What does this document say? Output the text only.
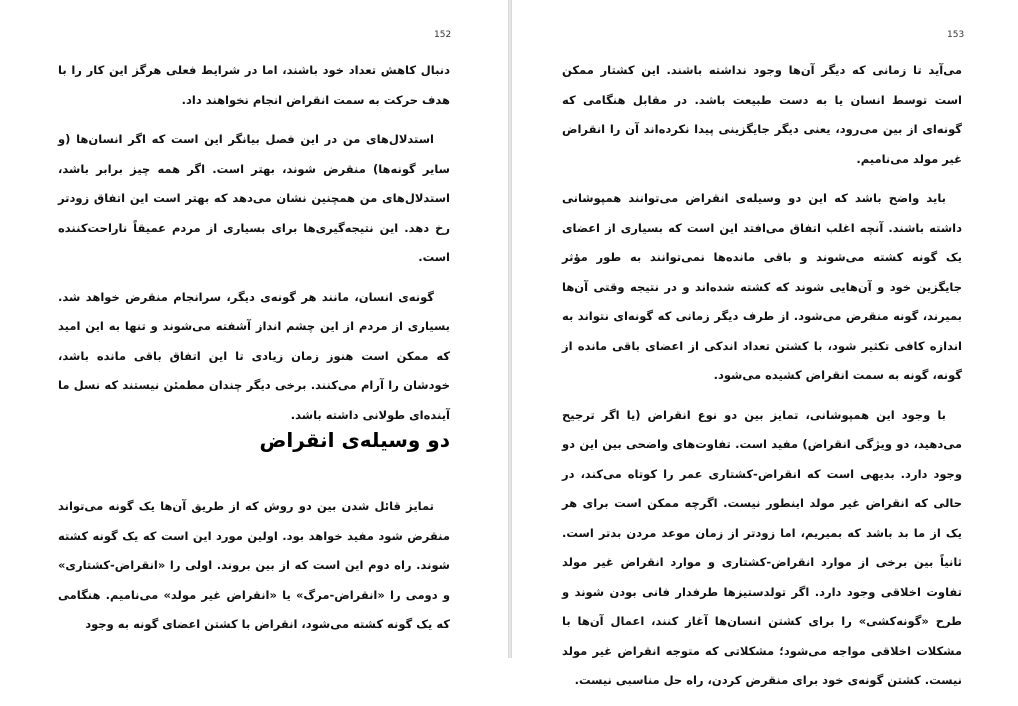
152

دنبال کاهش تعداد خود باشند، اما در شرایط فعلی هرگز این کار را با هدف حرکت به سمت انقراض انجام نخواهند داد.

استدلال‌های من در این فصل بیانگر این است که اگر انسان‌ها (و سایر گونه‌ها) منقرض شوند، بهتر است. اگر همه چیز برابر باشد، استدلال‌های من همچنین نشان می‌دهد که بهتر است این اتفاق زودتر رخ دهد. این نتیجه‌گیری‌ها برای بسیاری از مردم عمیقاً ناراحت‌کننده است.

گونه‌ی انسان، مانند هر گونه‌ی دیگر، سرانجام منقرض خواهد شد. بسیاری از مردم از این چشم انداز آشفته می‌شوند و تنها به این امید که ممکن است هنوز زمان زیادی تا این اتفاق باقی مانده باشد، خودشان را آرام می‌کنند. برخی دیگر چندان مطمئن نیستند که نسل ما آینده‌ای طولانی داشته باشد.

دو وسیله‌ی انقراض

تمایز قائل شدن بین دو روش که از طریق آن‌ها یک گونه می‌تواند منقرض شود مفید خواهد بود. اولین مورد این است که یک گونه کشته شوند. راه دوم این است که از بین بروند. اولی را «انقراض-کشتاری» و دومی را «انقراض-مرگ» یا «انقراض غیر مولد» می‌نامیم. هنگامی که یک گونه کشته می‌شود، انقراض با کشتن اعضای گونه به وجود

153

می‌آید تا زمانی که دیگر آن‌ها وجود نداشته باشند. این کشتار ممکن است توسط انسان یا به دست طبیعت باشد. در مقابل هنگامی که گونه‌ای از بین می‌رود، یعنی دیگر جایگزینی پیدا نکرده‌اند آن را انقراض غیر مولد می‌نامیم.

باید واضح باشد که این دو وسیله‌ی انقراض می‌توانند همپوشانی داشته باشند. آنچه اغلب اتفاق می‌افتد این است که بسیاری از اعضای یک گونه کشته می‌شوند و باقی مانده‌ها نمی‌توانند به طور مؤثر جایگزین خود و آن‌هایی شوند که کشته شده‌اند و در نتیجه وقتی آن‌ها بمیرند، گونه منقرض می‌شود. از طرف دیگر زمانی که گونه‌ای نتواند به اندازه کافی تکثیر شود، با کشتن تعداد اندکی از اعضای باقی مانده از گونه، گونه به سمت انقراض کشیده می‌شود.

با وجود این همپوشانی، تمایز بین دو نوع انقراض (یا اگر ترجیح می‌دهید، دو ویژگی انقراض) مفید است. تفاوت‌های واضحی بین این دو وجود دارد. بدیهی است که انقراض-کشتاری عمر را کوتاه می‌کند، در حالی که انقراض غیر مولد اینطور نیست. اگرچه ممکن است برای هر یک از ما بد باشد که بمیریم، اما زودتر از زمان موعد مردن بدتر است. ثانیاً بین برخی از موارد انقراض-کشتاری و موارد انقراض غیر مولد تفاوت اخلاقی وجود دارد. اگر تولدستیزها طرفدار فانی بودن شوند و طرح «گونه‌کشی» را برای کشتن انسان‌ها آغاز کنند، اعمال آن‌ها با مشکلات اخلاقی مواجه می‌شود؛ مشکلاتی که متوجه انقراض غیر مولد نیست. کشتن گونه‌ی خود برای منقرض کردن، راه حل مناسبی نیست.
